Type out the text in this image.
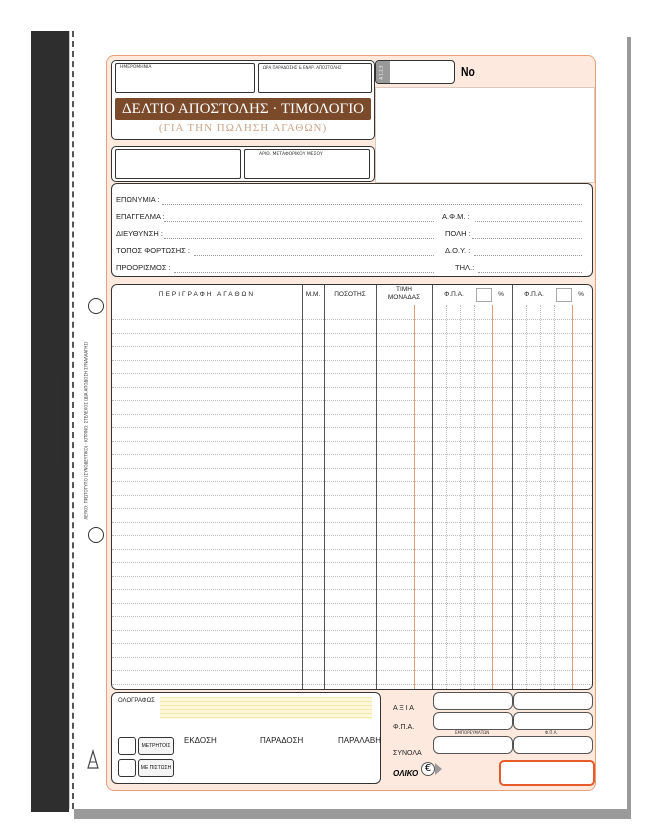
ΡΟΖ: ΑΝΤΙΓΡΑΦΟ (ΔΙΑ ΑΠΟΣΤΟΛΗ ΣΥΜΒΑΣΗΣ)	ΛΕΥΚΟ: ΠΡΩΤΟΤΥΠΟ (ΣΥΝΟΔΕΥΤΙΚΟ) · ΚΙΤΡΙΝΟ: ΣΤΕΛΕΧΟΣ (ΔΙΑ ΑΠΟΔΟΣΗ ΣΥΝΑΛΛΑΓΗΣ)
ΗΜΕΡΟΜΗΝΙΑ	ΩΡΑ ΠΑΡΑΔΟΣΗΣ & ΕΝΑΡ. ΑΠΟΣΤΟΛΗΣ
ΔΕΛΤΙΟ ΑΠΟΣΤΟΛΗΣ · ΤΙΜΟΛΟΓΙΟ
(ΓΙΑ ΤΗΝ ΠΩΛΗΣΗ ΑΓΑΘΩΝ)
ΑΡΙΘ. ΜΕΤΑΦΟΡΙΚΟΥ ΜΕΣΟΥ
Α 1.2.3	No
ΕΠΩΝΥΜΙΑ :
ΕΠΑΓΓΕΛΜΑ :	Α.Φ.Μ. :
ΔΙΕΥΘΥΝΣΗ :	ΠΟΛΗ :
ΤΟΠΟΣ ΦΟΡΤΩΣΗΣ :	Δ.Ο.Υ. :
ΠΡΟΟΡΙΣΜΟΣ :	ΤΗΛ.:
ΠΕΡΙΓΡΑΦΗ ΑΓΑΘΩΝ	Μ.Μ.	ΠΟΣΟΤΗΣ
ΤΙΜΗ
ΜΟΝΑΔΑΣ	Φ.Π.Α.	%	Φ.Π.Α.	%
ΟΛΟΓΡΑΦΩΣ
ΕΚΔΟΣΗ	ΠΑΡΑΔΟΣΗ	ΠΑΡΑΛΑΒΗ
ΜΕΤΡΗΤΟΙΣ
ΜΕ ΠΙΣΤΩΣΗ
Α Ξ Ι Α
Φ.Π.Α.
ΣΥΝΟΛΑ
ΟΛΙΚΟ €
ΕΜΠΟΡΕΥΜΑΤΩΝ	Φ.Π.Α.
